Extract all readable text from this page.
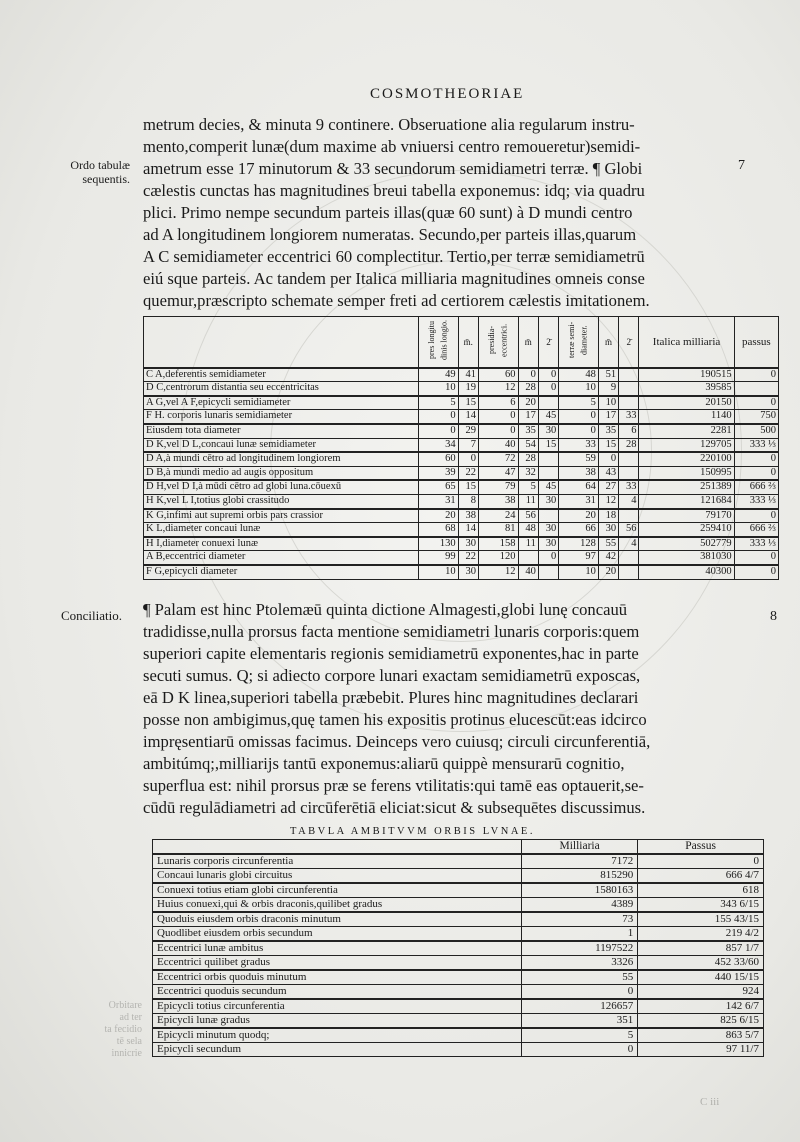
COSMOTHEORIAE
Ordo tabulæ sequentis.
7
metrum decies, & minuta 9 continere. Obseruatione alia regularum instru‑
mento,comperit lunæ(dum maxime ab vniuersi centro remoueretur)semidi‑
ametrum esse 17 minutorum & 33 secundorum semidiametri terræ. ¶ Globi
cælestis cunctas has magnitudines breui tabella exponemus: idq; via quadru
plici. Primo nempe secundum parteis illas(quæ 60 sunt) à D mundi centro
ad A longitudinem longiorem numeratas. Secundo,per parteis illas,quarum
A C semidiameter eccentrici 60 complectitur. Tertio,per terræ semidiametrū
eiú sque parteis. Ac tandem per Italica milliaria magnitudines omneis conse
quemur,præscripto schemate semper freti ad certiorem cælestis imitationem.
	pres longitu dinis longio.	m̄.	presidia- eccentrici.	m̄	2̄	terræ semi- diameter.	m̄	2̄	Italica milliaria	passus
C A,deferentis semidiameter	49	41	60	0	0	48	51		190515	0
D C,centrorum distantia seu eccentricitas	10	19	12	28	0	10	9		39585	
A G,vel A F,epicycli semidiameter	5	15	6	20		5	10		20150	0
F H. corporis lunaris semidiameter	0	14	0	17	45	0	17	33	1140	750
Eiusdem tota diameter	0	29	0	35	30	0	35	6	2281	500
D K,vel D L,concaui lunæ semidiameter	34	7	40	54	15	33	15	28	129705	333 ⅓
D A,à mundi cētro ad longitudinem longiorem	60	0	72	28		59	0		220100	0
D B,à mundi medio ad augis oppositum	39	22	47	32		38	43		150995	0
D H,vel D I,à mūdi cētro ad globi luna.cōuexū	65	15	79	5	45	64	27	33	251389	666 ⅔
H K,vel L I,totius globi crassitudo	31	8	38	11	30	31	12	4	121684	333 ⅓
K G,infimi aut supremi orbis pars crassior	20	38	24	56		20	18		79170	0
K L,diameter concaui lunæ	68	14	81	48	30	66	30	56	259410	666 ⅔
H I,diameter conuexi lunæ	130	30	158	11	30	128	55	4	502779	333 ⅓
A B,eccentrici diameter	99	22	120		0	97	42		381030	0
F G,epicycli diameter	10	30	12	40		10	20		40300	0
Conciliatio.	8
¶ Palam est hinc Ptolemæū quinta dictione Almagesti,globi lunę concauū
tradidisse,nulla prorsus facta mentione semidiametri lunaris corporis:quem
superiori capite elementaris regionis semidiametrū exponentes,hac in parte
secuti sumus. Q; si adiecto corpore lunari exactam semidiametrū exposcas,
eā D K linea,superiori tabella præbebit. Plures hinc magnitudines declarari
posse non ambigimus,quę tamen his expositis protinus elucescūt:eas idcirco
impręsentiarū omissas facimus. Deinceps vero cuiusq; circuli circunferentiā,
ambitúmq;,milliarijs tantū exponemus:aliarū quippè mensurarū cognitio,
superflua est: nihil prorsus præ se ferens vtilitatis:qui tamē eas optauerit,se‑
cūdū regulādiametri ad circūferētiā eliciat:sicut & subsequētes discussimus.
TABVLA AMBITVVM ORBIS LVNAE.
	Milliaria	Passus
Lunaris corporis circunferentia	7172	0
Concaui lunaris globi circuitus	815290	666 4/7
Conuexi totius etiam globi circunferentia	1580163	618
Huius conuexi,qui & orbis draconis,quilibet gradus	4389	343 6/15
Quoduis eiusdem orbis draconis minutum	73	155 43/15
Quodlibet eiusdem orbis secundum	1	219 4/2
Eccentrici lunæ ambitus	1197522	857 1/7
Eccentrici quilibet gradus	3326	452 33/60
Eccentrici orbis quoduis minutum	55	440 15/15
Eccentrici quoduis secundum	0	924
Epicycli totius circunferentia	126657	142 6/7
Epicycli lunæ gradus	351	825 6/15
Epicycli minutum quodq;	5	863 5/7
Epicycli secundum	0	97 11/7
Orbitare
ad ter
ta fecidio
tē sela
innicrie
C iii
